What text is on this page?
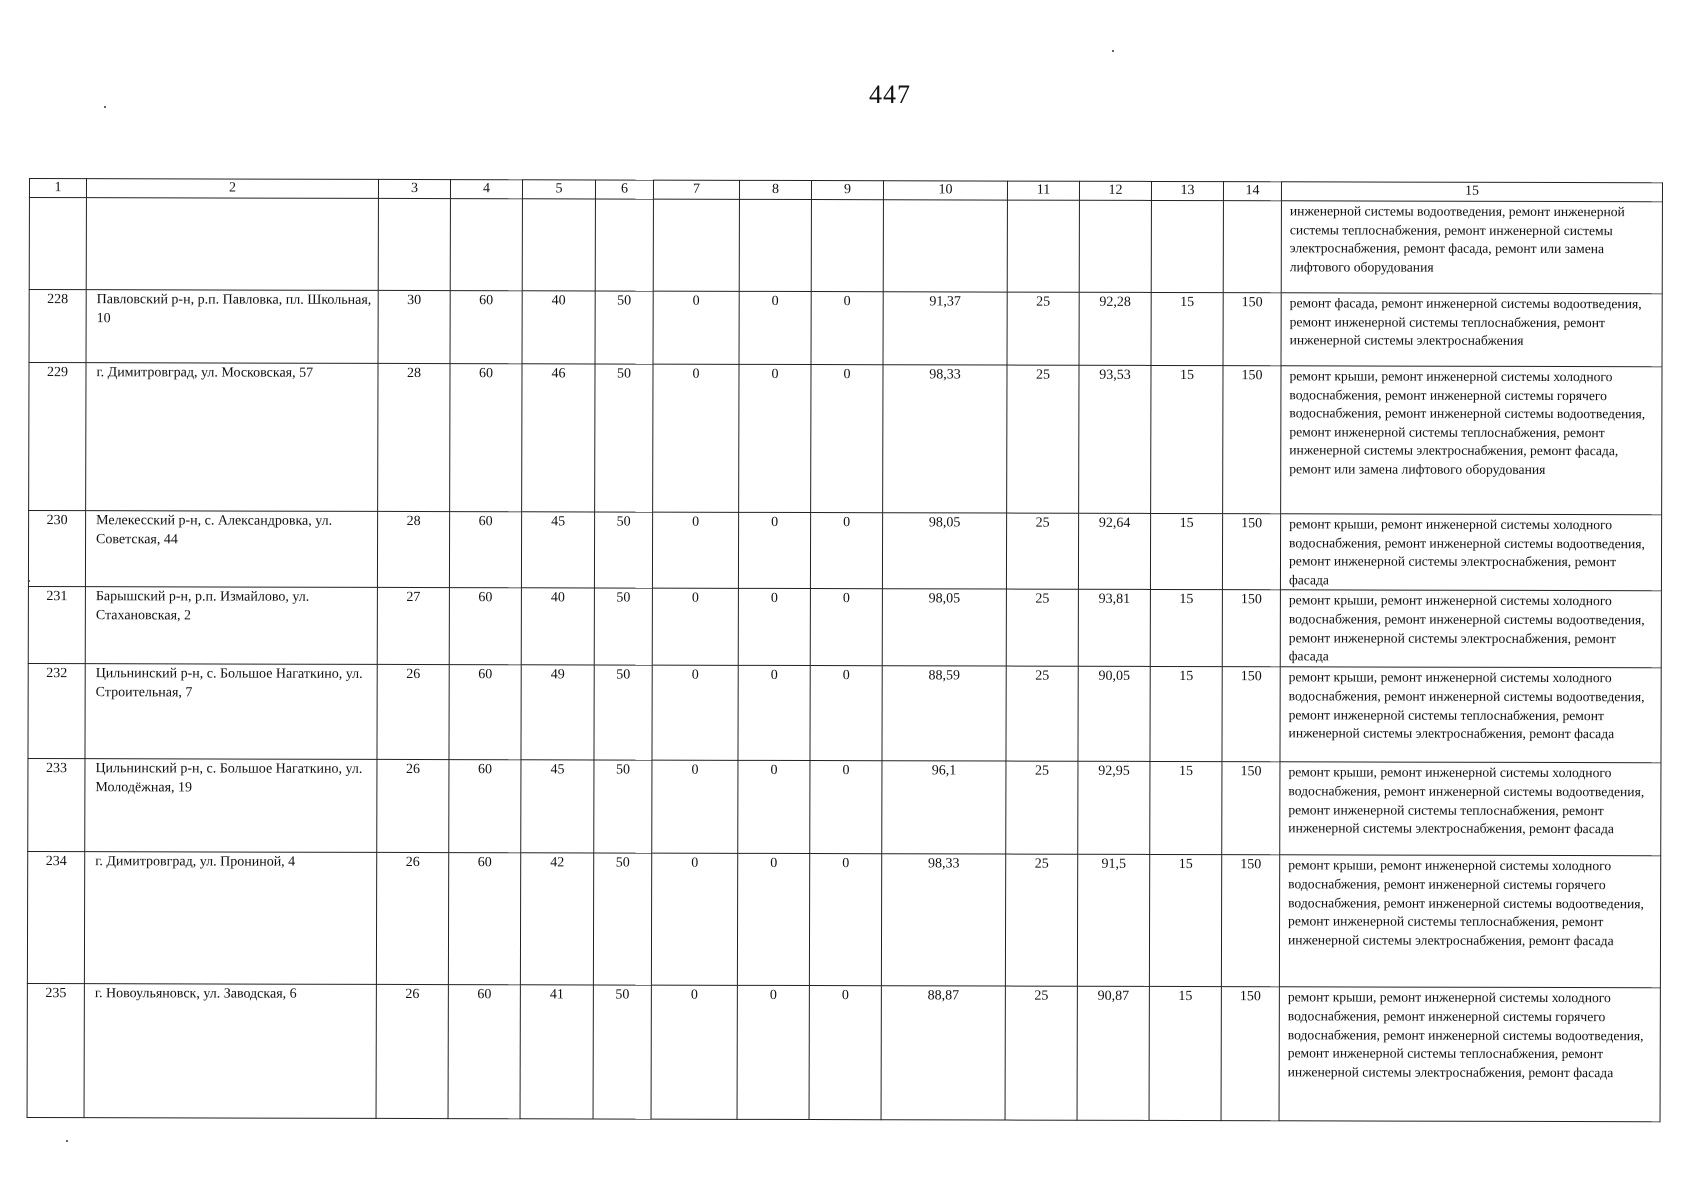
447
1	2	3	4	5	6	7	8	9	10	11	12	13	14	15
														инженерной системы водоотведения, ремонт инженерной системы теплоснабжения, ремонт инженерной системы электроснабжения, ремонт фасада, ремонт или замена лифтового оборудования
228	Павловский р-н, р.п. Павловка, пл. Школьная, 10	30	60	40	50	0	0	0	91,37	25	92,28	15	150	ремонт фасада, ремонт инженерной системы водоотведения, ремонт инженерной системы теплоснабжения, ремонт инженерной системы электроснабжения
229	г. Димитровград, ул. Московская, 57	28	60	46	50	0	0	0	98,33	25	93,53	15	150	ремонт крыши, ремонт инженерной системы холодного водоснабжения, ремонт инженерной системы горячего водоснабжения, ремонт инженерной системы водоотведения, ремонт инженерной системы теплоснабжения, ремонт инженерной системы электроснабжения, ремонт фасада, ремонт или замена лифтового оборудования
230	Мелекесский р-н, с. Александровка, ул. Советская, 44	28	60	45	50	0	0	0	98,05	25	92,64	15	150	ремонт крыши, ремонт инженерной системы холодного водоснабжения, ремонт инженерной системы водоотведения, ремонт инженерной системы электроснабжения, ремонт фасада
231	Барышский р-н, р.п. Измайлово, ул. Стахановская, 2	27	60	40	50	0	0	0	98,05	25	93,81	15	150	ремонт крыши, ремонт инженерной системы холодного водоснабжения, ремонт инженерной системы водоотведения, ремонт инженерной системы электроснабжения, ремонт фасада
232	Цильнинский р-н, с. Большое Нагаткино, ул. Строительная, 7	26	60	49	50	0	0	0	88,59	25	90,05	15	150	ремонт крыши, ремонт инженерной системы холодного водоснабжения, ремонт инженерной системы водоотведения, ремонт инженерной системы теплоснабжения, ремонт инженерной системы электроснабжения, ремонт фасада
233	Цильнинский р-н, с. Большое Нагаткино, ул. Молодёжная, 19	26	60	45	50	0	0	0	96,1	25	92,95	15	150	ремонт крыши, ремонт инженерной системы холодного водоснабжения, ремонт инженерной системы водоотведения, ремонт инженерной системы теплоснабжения, ремонт инженерной системы электроснабжения, ремонт фасада
234	г. Димитровград, ул. Прониной, 4	26	60	42	50	0	0	0	98,33	25	91,5	15	150	ремонт крыши, ремонт инженерной системы холодного водоснабжения, ремонт инженерной системы горячего водоснабжения, ремонт инженерной системы водоотведения, ремонт инженерной системы теплоснабжения, ремонт инженерной системы электроснабжения, ремонт фасада
235	г. Новоульяновск, ул. Заводская, 6	26	60	41	50	0	0	0	88,87	25	90,87	15	150	ремонт крыши, ремонт инженерной системы холодного водоснабжения, ремонт инженерной системы горячего водоснабжения, ремонт инженерной системы водоотведения, ремонт инженерной системы теплоснабжения, ремонт инженерной системы электроснабжения, ремонт фасада
